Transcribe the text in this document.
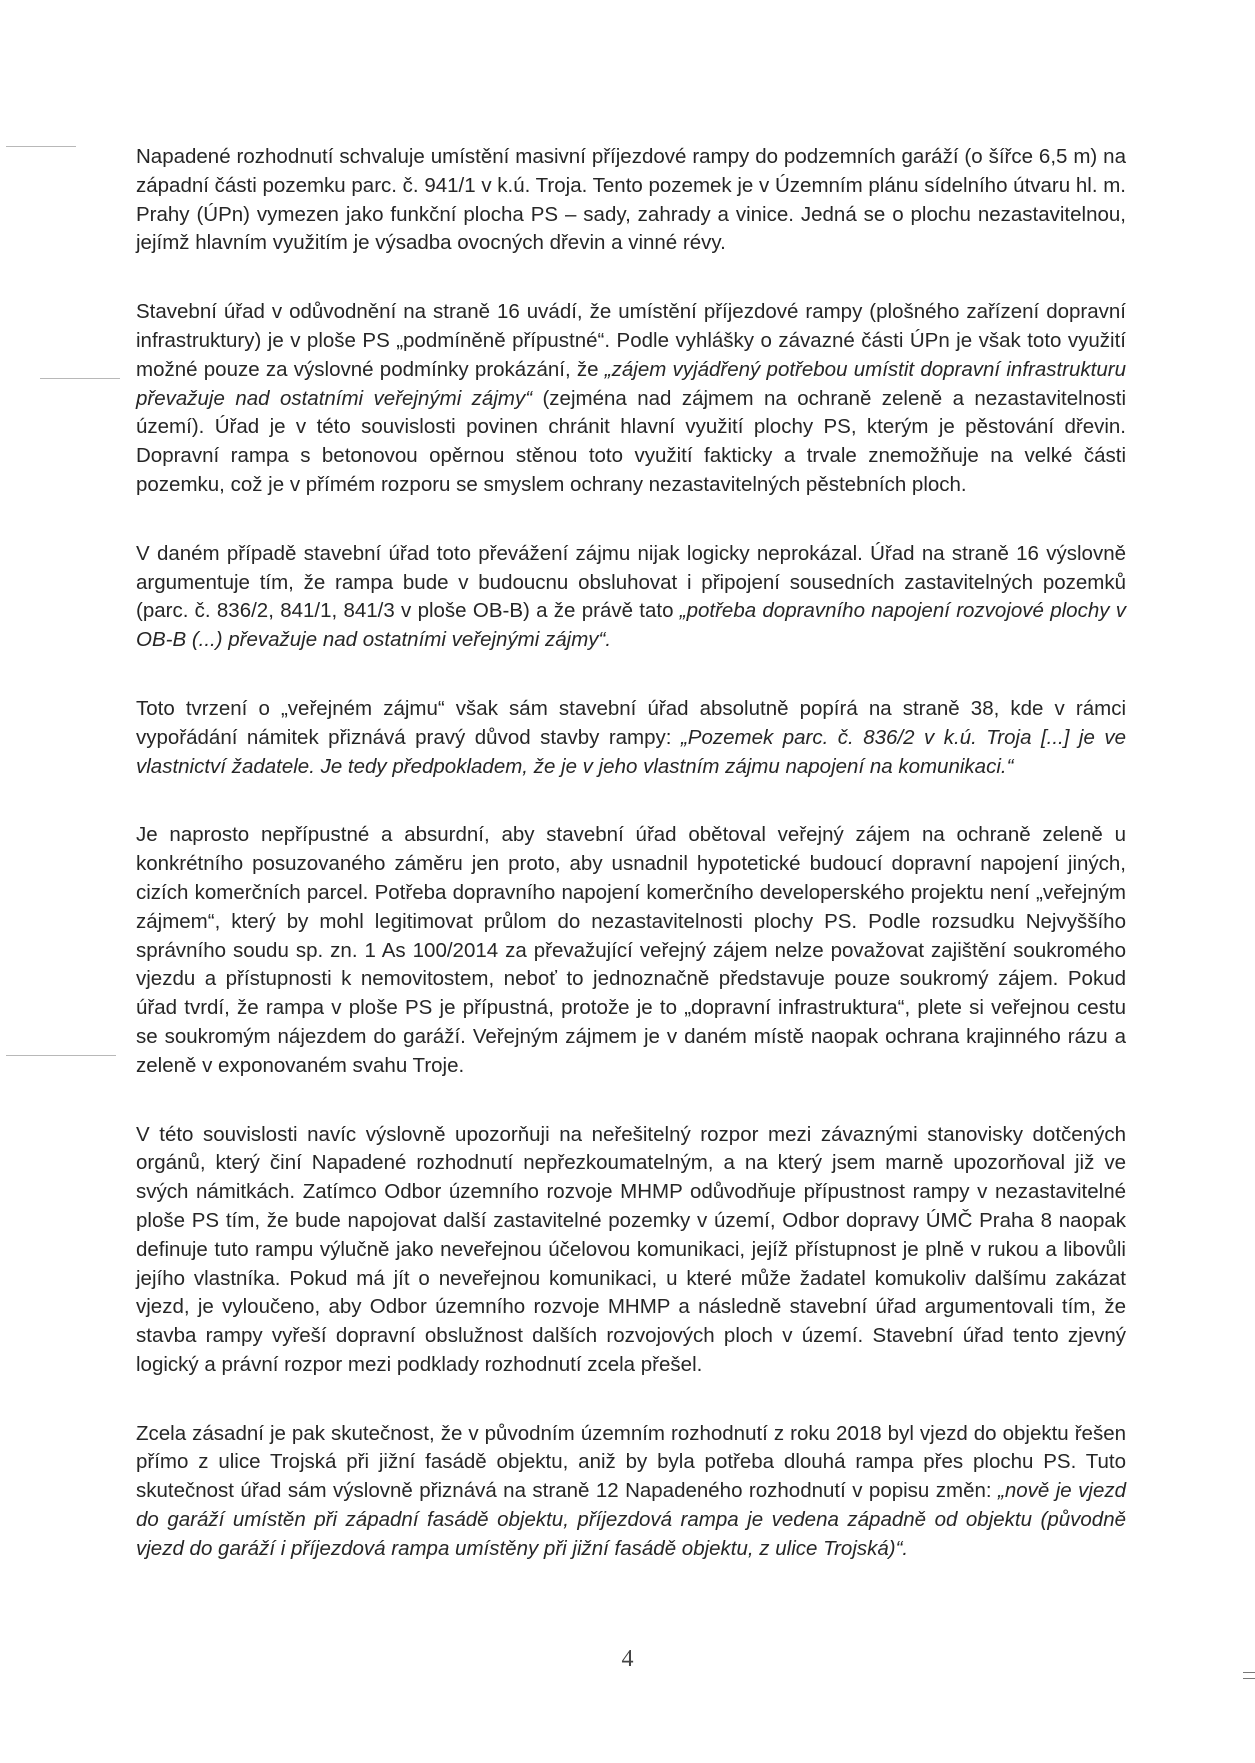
Napadené rozhodnutí schvaluje umístění masivní příjezdové rampy do podzemních garáží (o šířce 6,5 m) na západní části pozemku parc. č. 941/1 v k.ú. Troja. Tento pozemek je v Územním plánu sídelního útvaru hl. m. Prahy (ÚPn) vymezen jako funkční plocha PS – sady, zahrady a vinice. Jedná se o plochu nezastavitelnou, jejímž hlavním využitím je výsadba ovocných dřevin a vinné révy.

Stavební úřad v odůvodnění na straně 16 uvádí, že umístění příjezdové rampy (plošného zařízení dopravní infrastruktury) je v ploše PS „podmíněně přípustné“. Podle vyhlášky o závazné části ÚPn je však toto využití možné pouze za výslovné podmínky prokázání, že „zájem vyjádřený potřebou umístit dopravní infrastrukturu převažuje nad ostatními veřejnými zájmy“ (zejména nad zájmem na ochraně zeleně a nezastavitelnosti území). Úřad je v této souvislosti povinen chránit hlavní využití plochy PS, kterým je pěstování dřevin. Dopravní rampa s betonovou opěrnou stěnou toto využití fakticky a trvale znemožňuje na velké části pozemku, což je v přímém rozporu se smyslem ochrany nezastavitelných pěstebních ploch.

V daném případě stavební úřad toto převážení zájmu nijak logicky neprokázal. Úřad na straně 16 výslovně argumentuje tím, že rampa bude v budoucnu obsluhovat i připojení sousedních zastavitelných pozemků (parc. č. 836/2, 841/1, 841/3 v ploše OB-B) a že právě tato „potřeba dopravního napojení rozvojové plochy v OB-B (...) převažuje nad ostatními veřejnými zájmy“.

Toto tvrzení o „veřejném zájmu“ však sám stavební úřad absolutně popírá na straně 38, kde v rámci vypořádání námitek přiznává pravý důvod stavby rampy: „Pozemek parc. č. 836/2 v k.ú. Troja [...] je ve vlastnictví žadatele. Je tedy předpokladem, že je v jeho vlastním zájmu napojení na komunikaci.“

Je naprosto nepřípustné a absurdní, aby stavební úřad obětoval veřejný zájem na ochraně zeleně u konkrétního posuzovaného záměru jen proto, aby usnadnil hypotetické budoucí dopravní napojení jiných, cizích komerčních parcel. Potřeba dopravního napojení komerčního developerského projektu není „veřejným zájmem“, který by mohl legitimovat průlom do nezastavitelnosti plochy PS. Podle rozsudku Nejvyššího správního soudu sp. zn. 1 As 100/2014 za převažující veřejný zájem nelze považovat zajištění soukromého vjezdu a přístupnosti k nemovitostem, neboť to jednoznačně představuje pouze soukromý zájem. Pokud úřad tvrdí, že rampa v ploše PS je přípustná, protože je to „dopravní infrastruktura“, plete si veřejnou cestu se soukromým nájezdem do garáží. Veřejným zájmem je v daném místě naopak ochrana krajinného rázu a zeleně v exponovaném svahu Troje.

V této souvislosti navíc výslovně upozorňuji na neřešitelný rozpor mezi závaznými stanovisky dotčených orgánů, který činí Napadené rozhodnutí nepřezkoumatelným, a na který jsem marně upozorňoval již ve svých námitkách. Zatímco Odbor územního rozvoje MHMP odůvodňuje přípustnost rampy v nezastavitelné ploše PS tím, že bude napojovat další zastavitelné pozemky v území, Odbor dopravy ÚMČ Praha 8 naopak definuje tuto rampu výlučně jako neveřejnou účelovou komunikaci, jejíž přístupnost je plně v rukou a libovůli jejího vlastníka. Pokud má jít o neveřejnou komunikaci, u které může žadatel komukoliv dalšímu zakázat vjezd, je vyloučeno, aby Odbor územního rozvoje MHMP a následně stavební úřad argumentovali tím, že stavba rampy vyřeší dopravní obslužnost dalších rozvojových ploch v území. Stavební úřad tento zjevný logický a právní rozpor mezi podklady rozhodnutí zcela přešel.

Zcela zásadní je pak skutečnost, že v původním územním rozhodnutí z roku 2018 byl vjezd do objektu řešen přímo z ulice Trojská při jižní fasádě objektu, aniž by byla potřeba dlouhá rampa přes plochu PS. Tuto skutečnost úřad sám výslovně přiznává na straně 12 Napadeného rozhodnutí v popisu změn: „nově je vjezd do garáží umístěn při západní fasádě objektu, příjezdová rampa je vedena západně od objektu (původně vjezd do garáží i příjezdová rampa umístěny při jižní fasádě objektu, z ulice Trojská)“.

4
